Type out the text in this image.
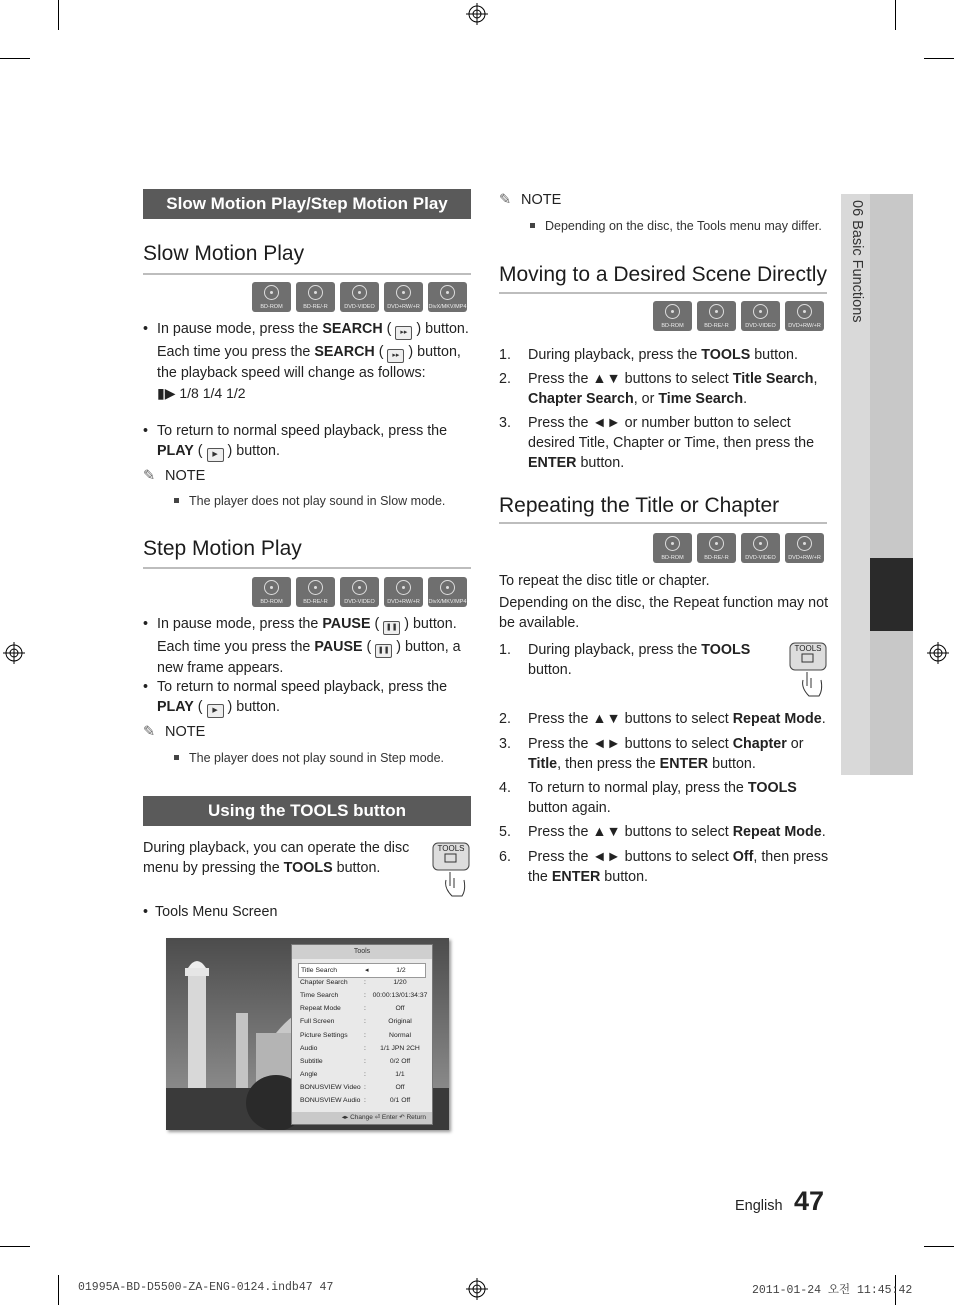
06 Basic Functions
Slow Motion Play/Step Motion Play
Slow Motion Play
BD-ROM	BD-RE/-R	DVD-VIDEO	DVD+RW/+R	DivX/MKV/MP4
• In pause mode, press the SEARCH ( ▸▸ ) button.
Each time you press the SEARCH ( ▸▸ ) button, the playback speed will change as follows:
▮▶ 1/8 1/4 1/2
• To return to normal speed playback, press the PLAY ( ▶ ) button.
✎ NOTE
The player does not play sound in Slow mode.
Step Motion Play
BD-ROM	BD-RE/-R	DVD-VIDEO	DVD+RW/+R	DivX/MKV/MP4
• In pause mode, press the PAUSE ( ❚❚ ) button.
Each time you press the PAUSE ( ❚❚ ) button, a new frame appears.
• To return to normal speed playback, press the PLAY ( ▶ ) button.
✎ NOTE
The player does not play sound in Step mode.
Using the TOOLS button
During playback, you can operate the disc menu by pressing the TOOLS button.
TOOLS
• Tools Menu Screen
Tools
◂▸ Change ⏎ Enter ↶ Return
Title Search	◂	1/2
Chapter Search :	1/20
Time Search	: 00:00:13/01:34:37
Repeat Mode	:	Off
Full Screen	:	Original
Picture Settings :	Normal
Audio	:	1/1 JPN 2CH
Subtitle	:	0/2 Off
Angle	:	1/1
BONUSVIEW Video :	Off
BONUSVIEW Audio :	0/1 Off
✎ NOTE
Depending on the disc, the Tools menu may differ.
Moving to a Desired Scene Directly
BD-ROM	BD-RE/-R	DVD-VIDEO	DVD+RW/+R
1. During playback, press the TOOLS button.
2. Press the ▲▼ buttons to select Title Search, Chapter Search, or Time Search.
3. Press the ◄► or number button to select desired Title, Chapter or Time, then press the ENTER button.
Repeating the Title or Chapter
BD-ROM	BD-RE/-R	DVD-VIDEO	DVD+RW/+R
To repeat the disc title or chapter.
Depending on the disc, the Repeat function may not be available.
TOOLS
1. During playback, press the TOOLS button.
2. Press the ▲▼ buttons to select Repeat Mode.
3. Press the ◄► buttons to select Chapter or Title, then press the ENTER button.
4. To return to normal play, press the TOOLS button again.
5. Press the ▲▼ buttons to select Repeat Mode.
6. Press the ◄► buttons to select Off, then press the ENTER button.
English 47
01995A-BD-D5500-ZA-ENG-0124.indb47 47	2011-01-24 오전 11:45:42
